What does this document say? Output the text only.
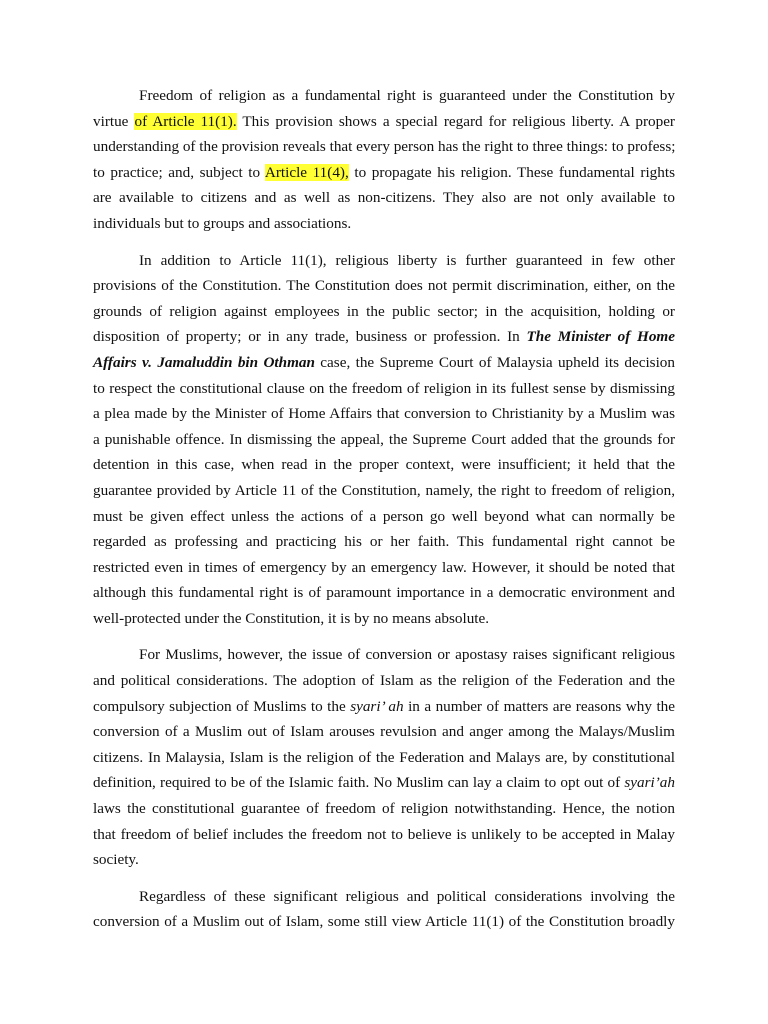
Freedom of religion as a fundamental right is guaranteed under the Constitution by
virtue of Article 11(1). This provision shows a special regard for religious liberty. A proper
understanding of the provision reveals that every person has the right to three things: to profess;
to practice; and, subject to Article 11(4), to propagate his religion. These fundamental rights
are available to citizens and as well as non-citizens. They also are not only available to
individuals but to groups and associations.
In addition to Article 11(1), religious liberty is further guaranteed in few other
provisions of the Constitution. The Constitution does not permit discrimination, either, on the
grounds of religion against employees in the public sector; in the acquisition, holding or
disposition of property; or in any trade, business or profession. In The Minister of Home
Affairs v. Jamaluddin bin Othman case, the Supreme Court of Malaysia upheld its decision
to respect the constitutional clause on the freedom of religion in its fullest sense by dismissing
a plea made by the Minister of Home Affairs that conversion to Christianity by a Muslim was
a punishable offence. In dismissing the appeal, the Supreme Court added that the grounds for
detention in this case, when read in the proper context, were insufficient; it held that the
guarantee provided by Article 11 of the Constitution, namely, the right to freedom of religion,
must be given effect unless the actions of a person go well beyond what can normally be
regarded as professing and practicing his or her faith. This fundamental right cannot be
restricted even in times of emergency by an emergency law. However, it should be noted that
although this fundamental right is of paramount importance in a democratic environment and
well-protected under the Constitution, it is by no means absolute.
For Muslims, however, the issue of conversion or apostasy raises significant religious
and political considerations. The adoption of Islam as the religion of the Federation and the
compulsory subjection of Muslims to the syari’ ah in a number of matters are reasons why the
conversion of a Muslim out of Islam arouses revulsion and anger among the Malays/Muslim
citizens. In Malaysia, Islam is the religion of the Federation and Malays are, by constitutional
definition, required to be of the Islamic faith. No Muslim can lay a claim to opt out of syari’ah
laws the constitutional guarantee of freedom of religion notwithstanding. Hence, the notion
that freedom of belief includes the freedom not to believe is unlikely to be accepted in Malay
society.
Regardless of these significant religious and political considerations involving the
conversion of a Muslim out of Islam, some still view Article 11(1) of the Constitution broadly
